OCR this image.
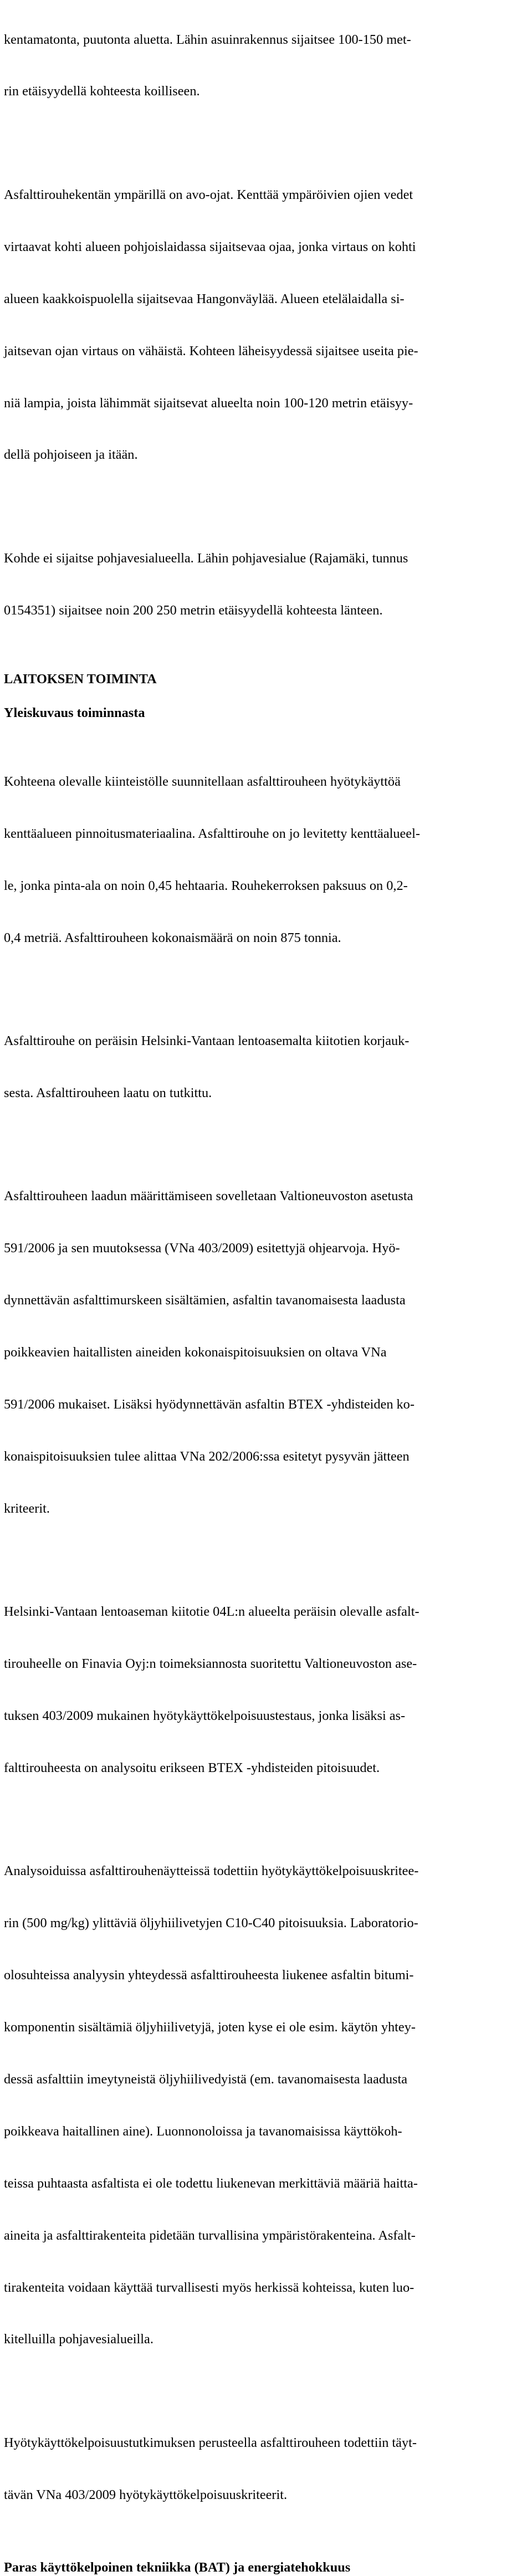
kentamatonta, puutonta aluetta. Lähin asuinrakennus sijaitsee 100-150 met-

rin etäisyydellä kohteesta koilliseen.

Asfalttirouhekentän ympärillä on avo-ojat. Kenttää ympäröivien ojien vedet

virtaavat kohti alueen pohjoislaidassa sijaitsevaa ojaa, jonka virtaus on kohti

alueen kaakkoispuolella sijaitsevaa Hangonväylää. Alueen etelälaidalla si-

jaitsevan ojan virtaus on vähäistä. Kohteen läheisyydessä sijaitsee useita pie-

niä lampia, joista lähimmät sijaitsevat alueelta noin 100-120 metrin etäisyy-

dellä pohjoiseen ja itään.

Kohde ei sijaitse pohjavesialueella. Lähin pohjavesialue (Rajamäki, tunnus

0154351) sijaitsee noin 200 250 metrin etäisyydellä kohteesta länteen.

LAITOKSEN TOIMINTA
Yleiskuvaus toiminnasta

Kohteena olevalle kiinteistölle suunnitellaan asfalttirouheen hyötykäyttöä

kenttäalueen pinnoitusmateriaalina. Asfalttirouhe on jo levitetty kenttäalueel-

le, jonka pinta-ala on noin 0,45 hehtaaria. Rouhekerroksen paksuus on 0,2-

0,4 metriä. Asfalttirouheen kokonaismäärä on noin 875 tonnia.

Asfalttirouhe on peräisin Helsinki-Vantaan lentoasemalta kiitotien korjauk-

sesta. Asfalttirouheen laatu on tutkittu.

Asfalttirouheen laadun määrittämiseen sovelletaan Valtioneuvoston asetusta

591/2006 ja sen muutoksessa (VNa 403/2009) esitettyjä ohjearvoja. Hyö-

dynnettävän asfalttimurskeen sisältämien, asfaltin tavanomaisesta laadusta

poikkeavien haitallisten aineiden kokonaispitoisuuksien on oltava VNa

591/2006 mukaiset. Lisäksi hyödynnettävän asfaltin BTEX -yhdisteiden ko-

konaispitoisuuksien tulee alittaa VNa 202/2006:ssa esitetyt pysyvän jätteen

kriteerit.

Helsinki-Vantaan lentoaseman kiitotie 04L:n alueelta peräisin olevalle asfalt-

tirouheelle on Finavia Oyj:n toimeksiannosta suoritettu Valtioneuvoston ase-

tuksen 403/2009 mukainen hyötykäyttökelpoisuustestaus, jonka lisäksi as-

falttirouheesta on analysoitu erikseen BTEX -yhdisteiden pitoisuudet.

Analysoiduissa asfalttirouhenäytteissä todettiin hyötykäyttökelpoisuuskritee-

rin (500 mg/kg) ylittäviä öljyhiilivetyjen C10-C40 pitoisuuksia. Laboratorio-

olosuhteissa analyysin yhteydessä asfalttirouheesta liukenee asfaltin bitumi-

komponentin sisältämiä öljyhiilivetyjä, joten kyse ei ole esim. käytön yhtey-

dessä asfalttiin imeytyneistä öljyhiilivedyistä (em. tavanomaisesta laadusta

poikkeava haitallinen aine). Luonnonoloissa ja tavanomaisissa käyttökoh-

teissa puhtaasta asfaltista ei ole todettu liukenevan merkittäviä määriä haitta-

aineita ja asfalttirakenteita pidetään turvallisina ympäristörakenteina. Asfalt-

tirakenteita voidaan käyttää turvallisesti myös herkissä kohteissa, kuten luo-

kitelluilla pohjavesialueilla.

Hyötykäyttökelpoisuustutkimuksen perusteella asfalttirouheen todettiin täyt-

tävän VNa 403/2009 hyötykäyttökelpoisuuskriteerit.

Paras käyttökelpoinen tekniikka (BAT) ja energiatehokkuus
